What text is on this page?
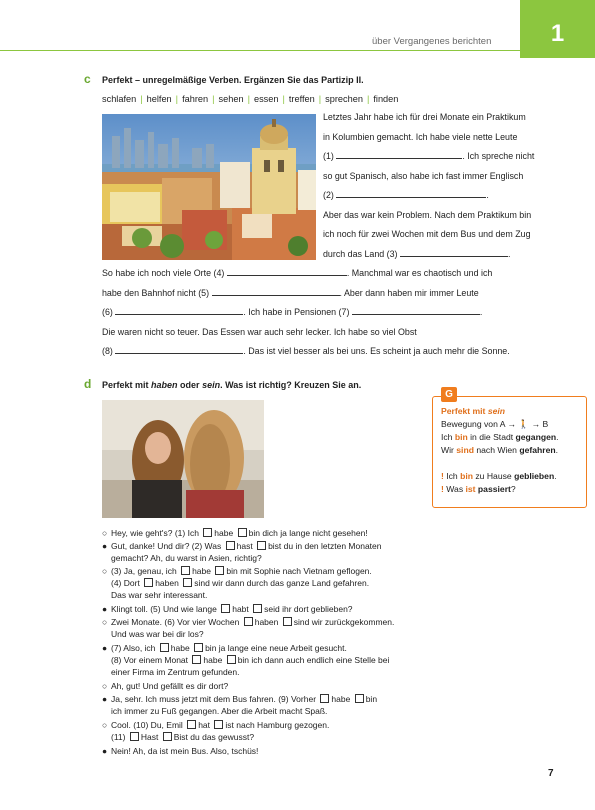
über Vergangenes berichten	1
c Perfekt – unregelmäßige Verben. Ergänzen Sie das Partizip II.
schlafen | helfen | fahren | sehen | essen | treffen | sprechen | finden
Letztes Jahr habe ich für drei Monate ein Praktikum
in Kolumbien gemacht. Ich habe viele nette Leute
(1)	. Ich spreche nicht
so gut Spanisch, also habe ich fast immer Englisch
(2)	.
Aber das war kein Problem. Nach dem Praktikum bin
ich noch für zwei Wochen mit dem Bus und dem Zug
durch das Land (3)	.
So habe ich noch viele Orte (4)	. Manchmal war es chaotisch und ich
habe den Bahnhof nicht (5)	. Aber dann haben mir immer Leute
(6)	. Ich habe in Pensionen (7)	.
Die waren nicht so teuer. Das Essen war auch sehr lecker. Ich habe so viel Obst
(8)	. Das ist viel besser als bei uns. Es scheint ja auch mehr die Sonne.
d Perfekt mit haben oder sein. Was ist richtig? Kreuzen Sie an.
G
Perfekt mit sein
Bewegung von A → 🚶 → B
Ich bin in die Stadt gegangen.
Wir sind nach Wien gefahren.
! Ich bin zu Hause geblieben.
! Was ist passiert?
○ Hey, wie geht's? (1) Ich habe bin dich ja lange nicht gesehen!
● Gut, danke! Und dir? (2) Was hast bist du in den letzten Monaten
gemacht? Ah, du warst in Asien, richtig?
○ (3) Ja, genau, ich habe bin mit Sophie nach Vietnam geflogen.
(4) Dort haben sind wir dann durch das ganze Land gefahren.
Das war sehr interessant.
● Klingt toll. (5) Und wie lange habt seid ihr dort geblieben?
○ Zwei Monate. (6) Vor vier Wochen haben sind wir zurückgekommen.
Und was war bei dir los?
● (7) Also, ich habe bin ja lange eine neue Arbeit gesucht.
(8) Vor einem Monat habe bin ich dann auch endlich eine Stelle bei
einer Firma im Zentrum gefunden.
○ Ah, gut! Und gefällt es dir dort?
● Ja, sehr. Ich muss jetzt mit dem Bus fahren. (9) Vorher habe bin
ich immer zu Fuß gegangen. Aber die Arbeit macht Spaß.
○ Cool. (10) Du, Emil hat ist nach Hamburg gezogen.
(11) Hast Bist du das gewusst?
● Nein! Ah, da ist mein Bus. Also, tschüs!
7
